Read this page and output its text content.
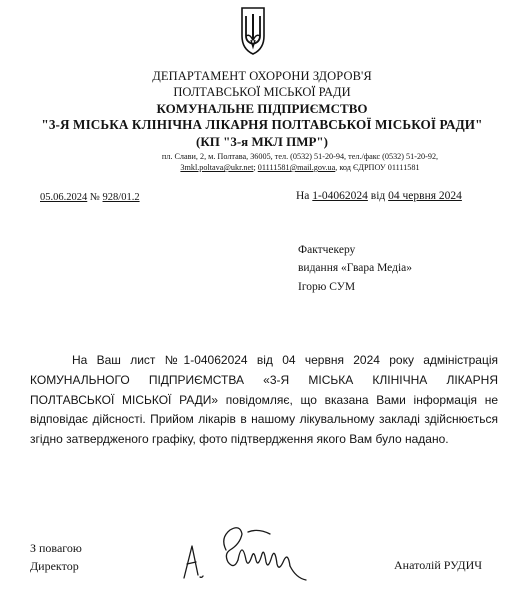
ДЕПАРТАМЕНТ ОХОРОНИ ЗДОРОВ'Я
ПОЛТАВСЬКОЇ МІСЬКОЇ РАДИ
КОМУНАЛЬНЕ ПІДПРИЄМСТВО
"3-Я МІСЬКА КЛІНІЧНА ЛІКАРНЯ ПОЛТАВСЬКОЇ МІСЬКОЇ РАДИ"
(КП "3-я МКЛ ПМР")
пл. Слави, 2, м. Полтава, 36005, тел. (0532) 51-20-94, тел./факс (0532) 51-20-92,
3mkl.poltava@ukr.net; 01111581@mail.gov.ua, код ЄДРПОУ 01111581
05.06.2024 № 928/01.2	На 1-04062024 від 04 червня 2024
Фактчекеру
видання «Гвара Медіа»
Ігорю СУМ

На Ваш лист №1-04062024 від 04 червня 2024 року адміністрація КОМУНАЛЬНОГО ПІДПРИЄМСТВА «3-Я МІСЬКА КЛІНІЧНА ЛІКАРНЯ ПОЛТАВСЬКОЇ МІСЬКОЇ РАДИ» повідомляє, що вказана Вами інформація не відповідає дійсності. Прийом лікарів в нашому лікувальному закладі здійснюється згідно затвердженого графіку, фото підтвердження якого Вам було надано.

З повагою
Директор	Анатолій РУДИЧ
